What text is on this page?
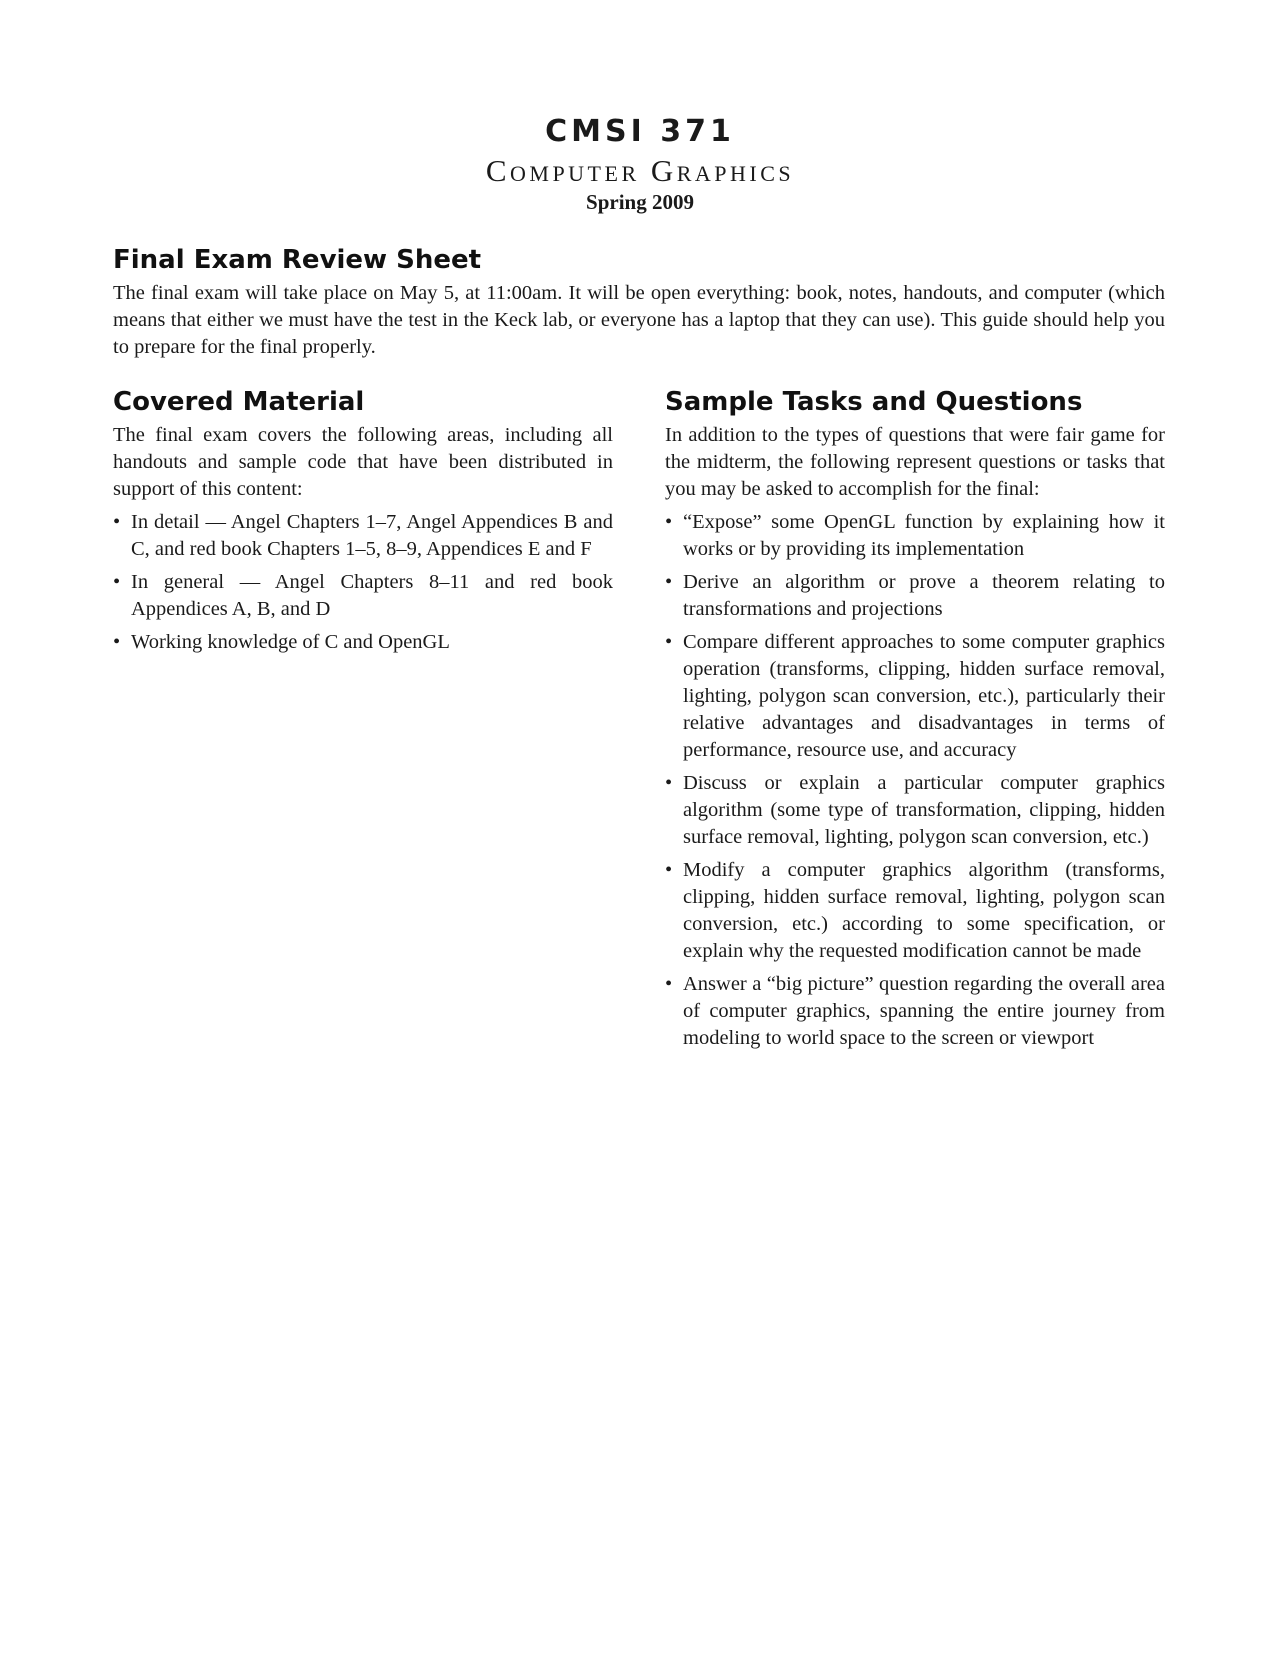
CMSI 371

Computer Graphics

Spring 2009

Final Exam Review Sheet

The final exam will take place on May 5, at 11:00am. It will be open everything: book, notes, handouts, and computer (which means that either we must have the test in the Keck lab, or everyone has a laptop that they can use). This guide should help you to prepare for the final properly.

Covered Material

The final exam covers the following areas, including all handouts and sample code that have been distributed in support of this content:

• In detail — Angel Chapters 1–7, Angel Appendices B and C, and red book Chapters 1–5, 8–9, Appendices E and F
• In general — Angel Chapters 8–11 and red book Appendices A, B, and D
• Working knowledge of C and OpenGL
Sample Tasks and Questions

In addition to the types of questions that were fair game for the midterm, the following represent questions or tasks that you may be asked to accomplish for the final:

• “Expose” some OpenGL function by explaining how it works or by providing its implementation
• Derive an algorithm or prove a theorem relating to transformations and projections
• Compare different approaches to some computer graphics operation (transforms, clipping, hidden surface removal, lighting, polygon scan conversion, etc.), particularly their relative advantages and disadvantages in terms of performance, resource use, and accuracy
• Discuss or explain a particular computer graphics algorithm (some type of transformation, clipping, hidden surface removal, lighting, polygon scan conversion, etc.)
• Modify a computer graphics algorithm (transforms, clipping, hidden surface removal, lighting, polygon scan conversion, etc.) according to some specification, or explain why the requested modification cannot be made
• Answer a “big picture” question regarding the overall area of computer graphics, spanning the entire journey from modeling to world space to the screen or viewport
